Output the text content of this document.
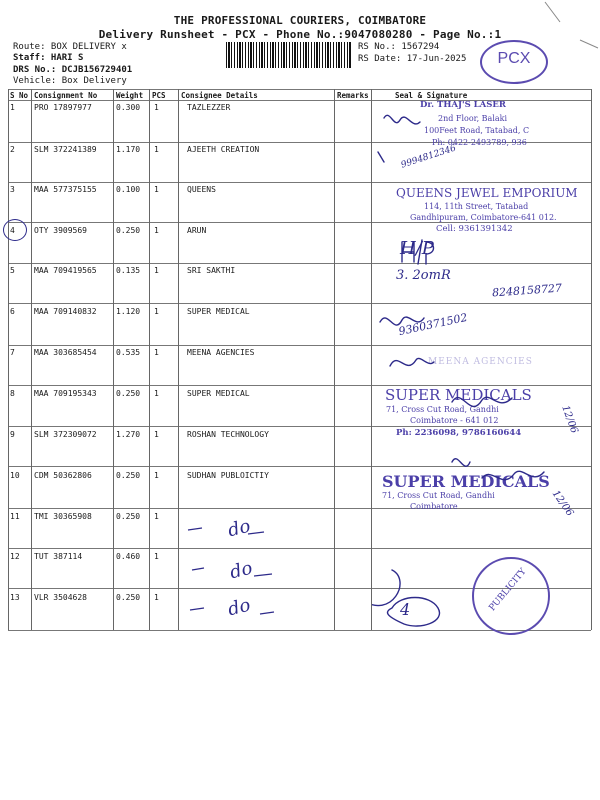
THE PROFESSIONAL COURIERS, COIMBATORE
Delivery Runsheet - PCX - Phone No.:9047080280 - Page No.:1
Route: BOX DELIVERY x
Staff: HARI S
DRS No.: DCJB156729401
Vehicle: Box Delivery
RS No.: 1567294
RS Date: 17-Jun-2025	PCX
S No Consignment No	Weight PCS Consignee Details	Remarks	Seal & Signature
1 PRO 17897977	0.300 1	TAZLEZZER
2 SLM 372241389 1.170 1	AJEETH CREATION
3 MAA 577375155 0.100 1	QUEENS
4 OTY 3909569	0.250 1	ARUN
5 MAA 709419565 0.135 1	SRI SAKTHI
6 MAA 709140832 1.120 1	SUPER MEDICAL
7 MAA 303685454 0.535 1	MEENA AGENCIES
8 MAA 709195343 0.250 1	SUPER MEDICAL
9 SLM 372309072 1.270 1	ROSHAN TECHNOLOGY
10 CDM 50362806	0.250 1	SUDHAN PUBLOICTIY
11 TMI 30365908	0.250 1
12 TUT 387114	0.460 1
13 VLR 3504628	0.250 1
Dr. THAJ'S LASER
2nd Floor, Balaki
100Feet Road, Tatabad, C
Ph: 0422-2493789, 936
QUEENS JEWEL EMPORIUM
114, 11th Street, Tatabad
Gandhipuram, Coimbatore-641 012.
Cell: 9361391342
MEENA AGENCIES
SUPER MEDICALS
71, Cross Cut Road, Gandhi
Coimbatore - 641 012
Ph: 2236098, 9786160644
SUPER MEDICALS
71, Cross Cut Road, Gandhi
Coimbatore
PUBLICITY
9994812346
H/P
3. 2omR
8248158727
9360371502
12/06
12/06
do
do
do	4
